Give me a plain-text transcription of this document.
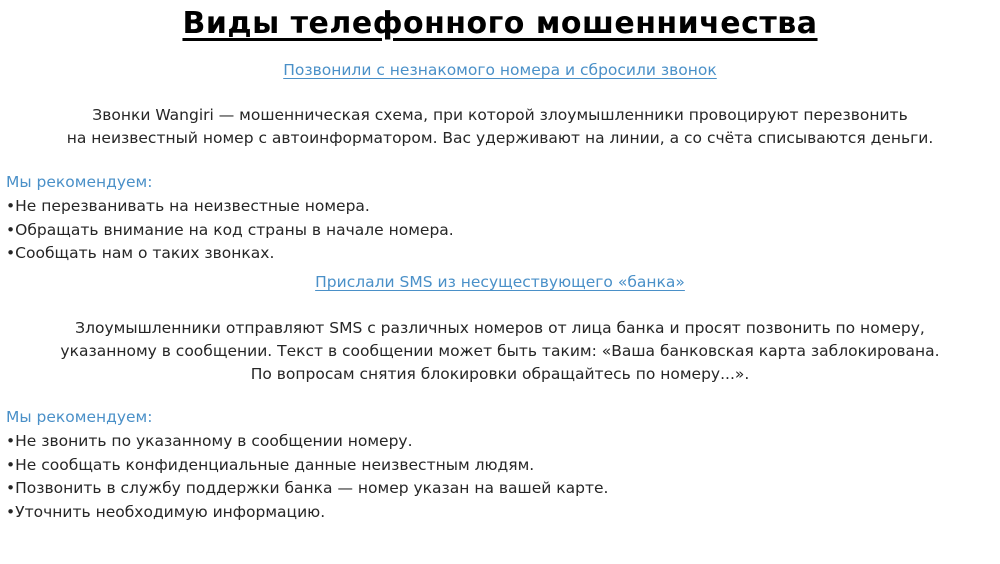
Виды телефонного мошенничества
Позвонили с незнакомого номера и сбросили звонок
Звонки Wangiri — мошенническая схема, при которой злоумышленники провоцируют перезвонить
на неизвестный номер с автоинформатором. Вас удерживают на линии, а со счёта списываются деньги.
Мы рекомендуем:
• Не перезванивать на неизвестные номера.
• Обращать внимание на код страны в начале номера.
• Сообщать нам о таких звонках.
Прислали SMS из несуществующего «банка»
Злоумышленники отправляют SMS с различных номеров от лица банка и просят позвонить по номеру,
указанному в сообщении. Текст в сообщении может быть таким: «Ваша банковская карта заблокирована.
По вопросам снятия блокировки обращайтесь по номеру...».
Мы рекомендуем:
• Не звонить по указанному в сообщении номеру.
• Не сообщать конфиденциальные данные неизвестным людям.
• Позвонить в службу поддержки банка — номер указан на вашей карте.
• Уточнить необходимую информацию.
